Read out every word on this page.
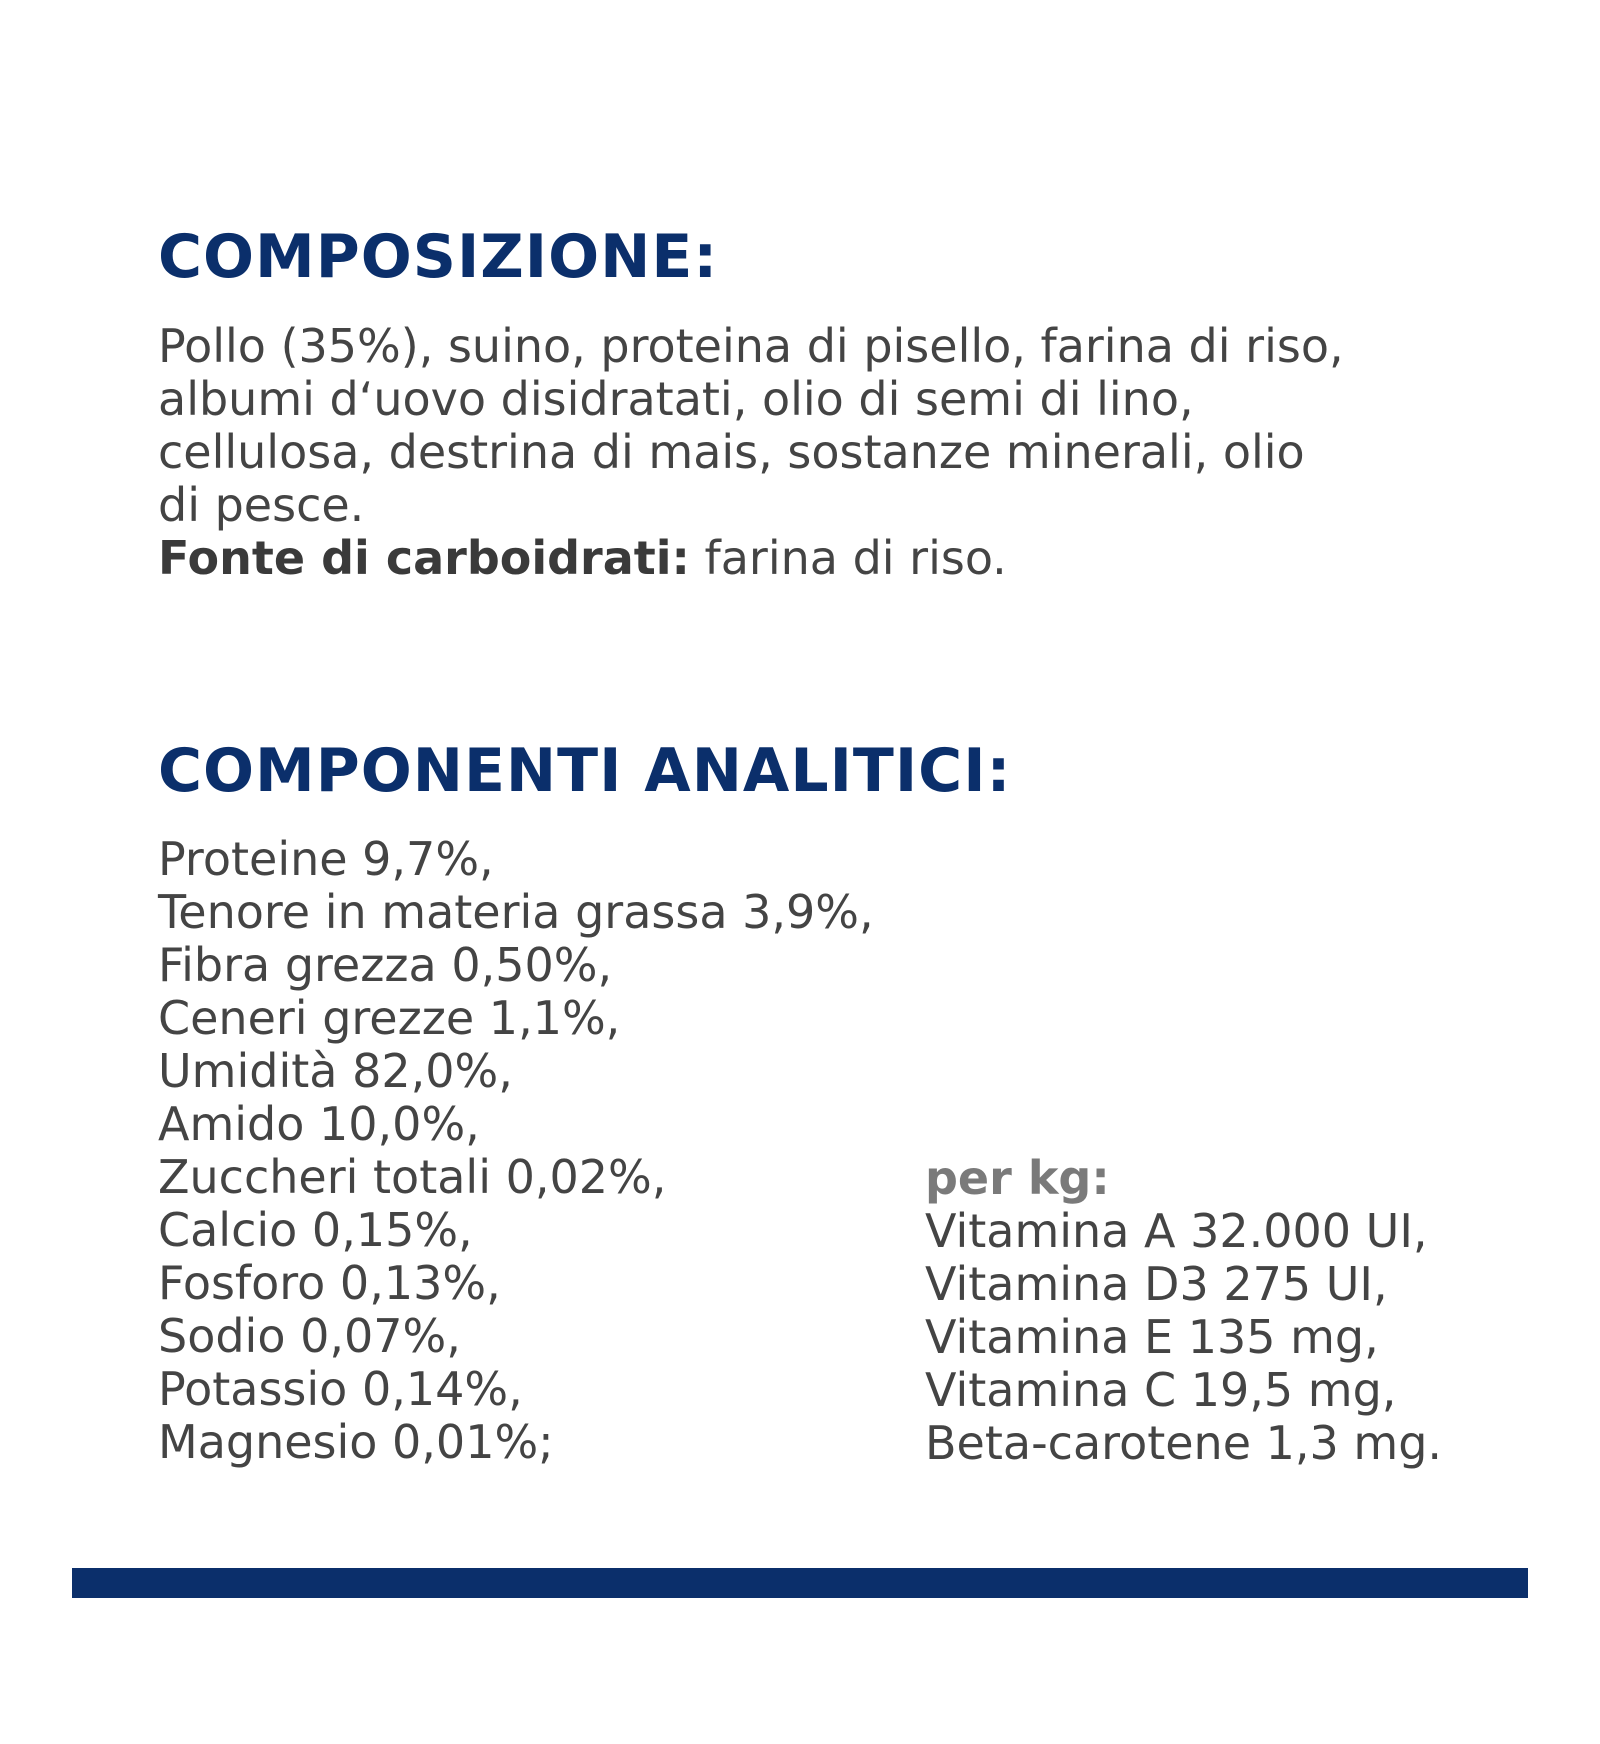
COMPOSIZIONE:
Pollo (35%), suino, proteina di pisello, farina di riso,
albumi d‘uovo disidratati, olio di semi di lino,
cellulosa, destrina di mais, sostanze minerali, olio
di pesce.
Fonte di carboidrati: farina di riso.
COMPONENTI ANALITICI:
Proteine 9,7%,
Tenore in materia grassa 3,9%,
Fibra grezza 0,50%,
Ceneri grezze 1,1%,
Umidità 82,0%,
Amido 10,0%,
Zuccheri totali 0,02%,
Calcio 0,15%,
Fosforo 0,13%,
Sodio 0,07%,
Potassio 0,14%,
Magnesio 0,01%;
per kg:
Vitamina A 32.000 UI,
Vitamina D3 275 UI,
Vitamina E 135 mg,
Vitamina C 19,5 mg,
Beta-carotene 1,3 mg.
